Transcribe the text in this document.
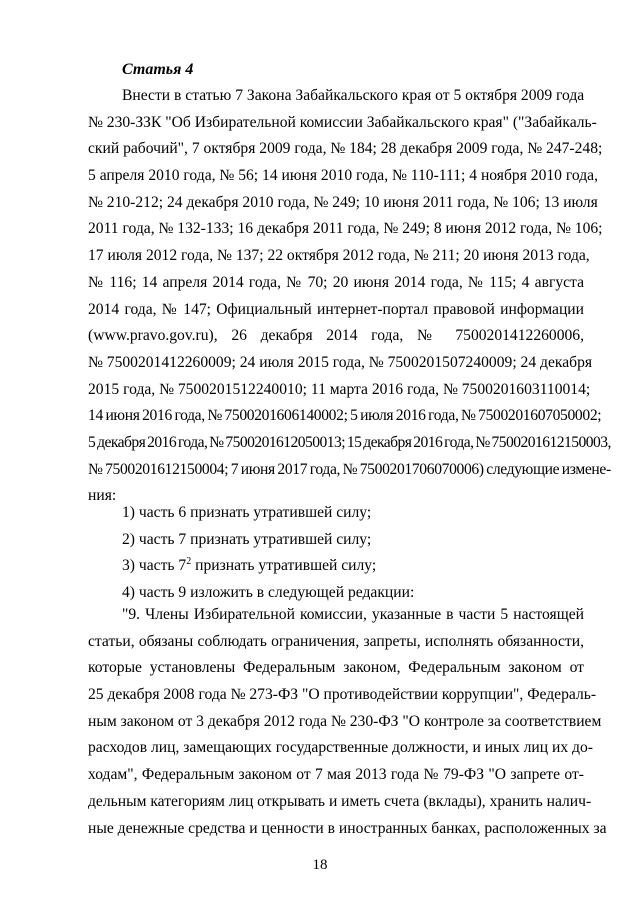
Статья 4
Внести в статью 7 Закона Забайкальского края от 5 октября 2009 года
№ 230-ЗЗК "Об Избирательной комиссии Забайкальского края" ("Забайкаль-
ский рабочий", 7 октября 2009 года, № 184; 28 декабря 2009 года, № 247-248;
5 апреля 2010 года, № 56; 14 июня 2010 года, № 110-111; 4 ноября 2010 года,
№ 210-212; 24 декабря 2010 года, № 249; 10 июня 2011 года, № 106; 13 июля
2011 года, № 132-133; 16 декабря 2011 года, № 249; 8 июня 2012 года, № 106;
17 июля 2012 года, № 137; 22 октября 2012 года, № 211; 20 июня 2013 года,
№ 116; 14 апреля 2014 года, № 70; 20 июня 2014 года, № 115; 4 августа
2014 года, № 147; Официальный интернет-портал правовой информации
(www.pravo.gov.ru), 26 декабря 2014 года, № 7500201412260006,
№ 7500201412260009; 24 июля 2015 года, № 7500201507240009; 24 декабря
2015 года, № 7500201512240010; 11 марта 2016 года, № 7500201603110014;
14 июня 2016 года, № 7500201606140002; 5 июля 2016 года, № 7500201607050002;
5 декабря 2016 года, № 7500201612050013; 15 декабря 2016 года, № 7500201612150003,
№ 7500201612150004; 7 июня 2017 года, № 7500201706070006) следующие измене-
ния:
1) часть 6 признать утратившей силу;
2) часть 7 признать утратившей силу;
3) часть $7^2$ признать утратившей силу;
4) часть 9 изложить в следующей редакции:
"9. Члены Избирательной комиссии, указанные в части 5 настоящей
статьи, обязаны соблюдать ограничения, запреты, исполнять обязанности,
которые установлены Федеральным законом, Федеральным законом от
25 декабря 2008 года № 273-ФЗ "О противодействии коррупции", Федераль-
ным законом от 3 декабря 2012 года № 230-ФЗ "О контроле за соответствием
расходов лиц, замещающих государственные должности, и иных лиц их до-
ходам", Федеральным законом от 7 мая 2013 года № 79-ФЗ "О запрете от-
дельным категориям лиц открывать и иметь счета (вклады), хранить налич-
ные денежные средства и ценности в иностранных банках, расположенных за
18
